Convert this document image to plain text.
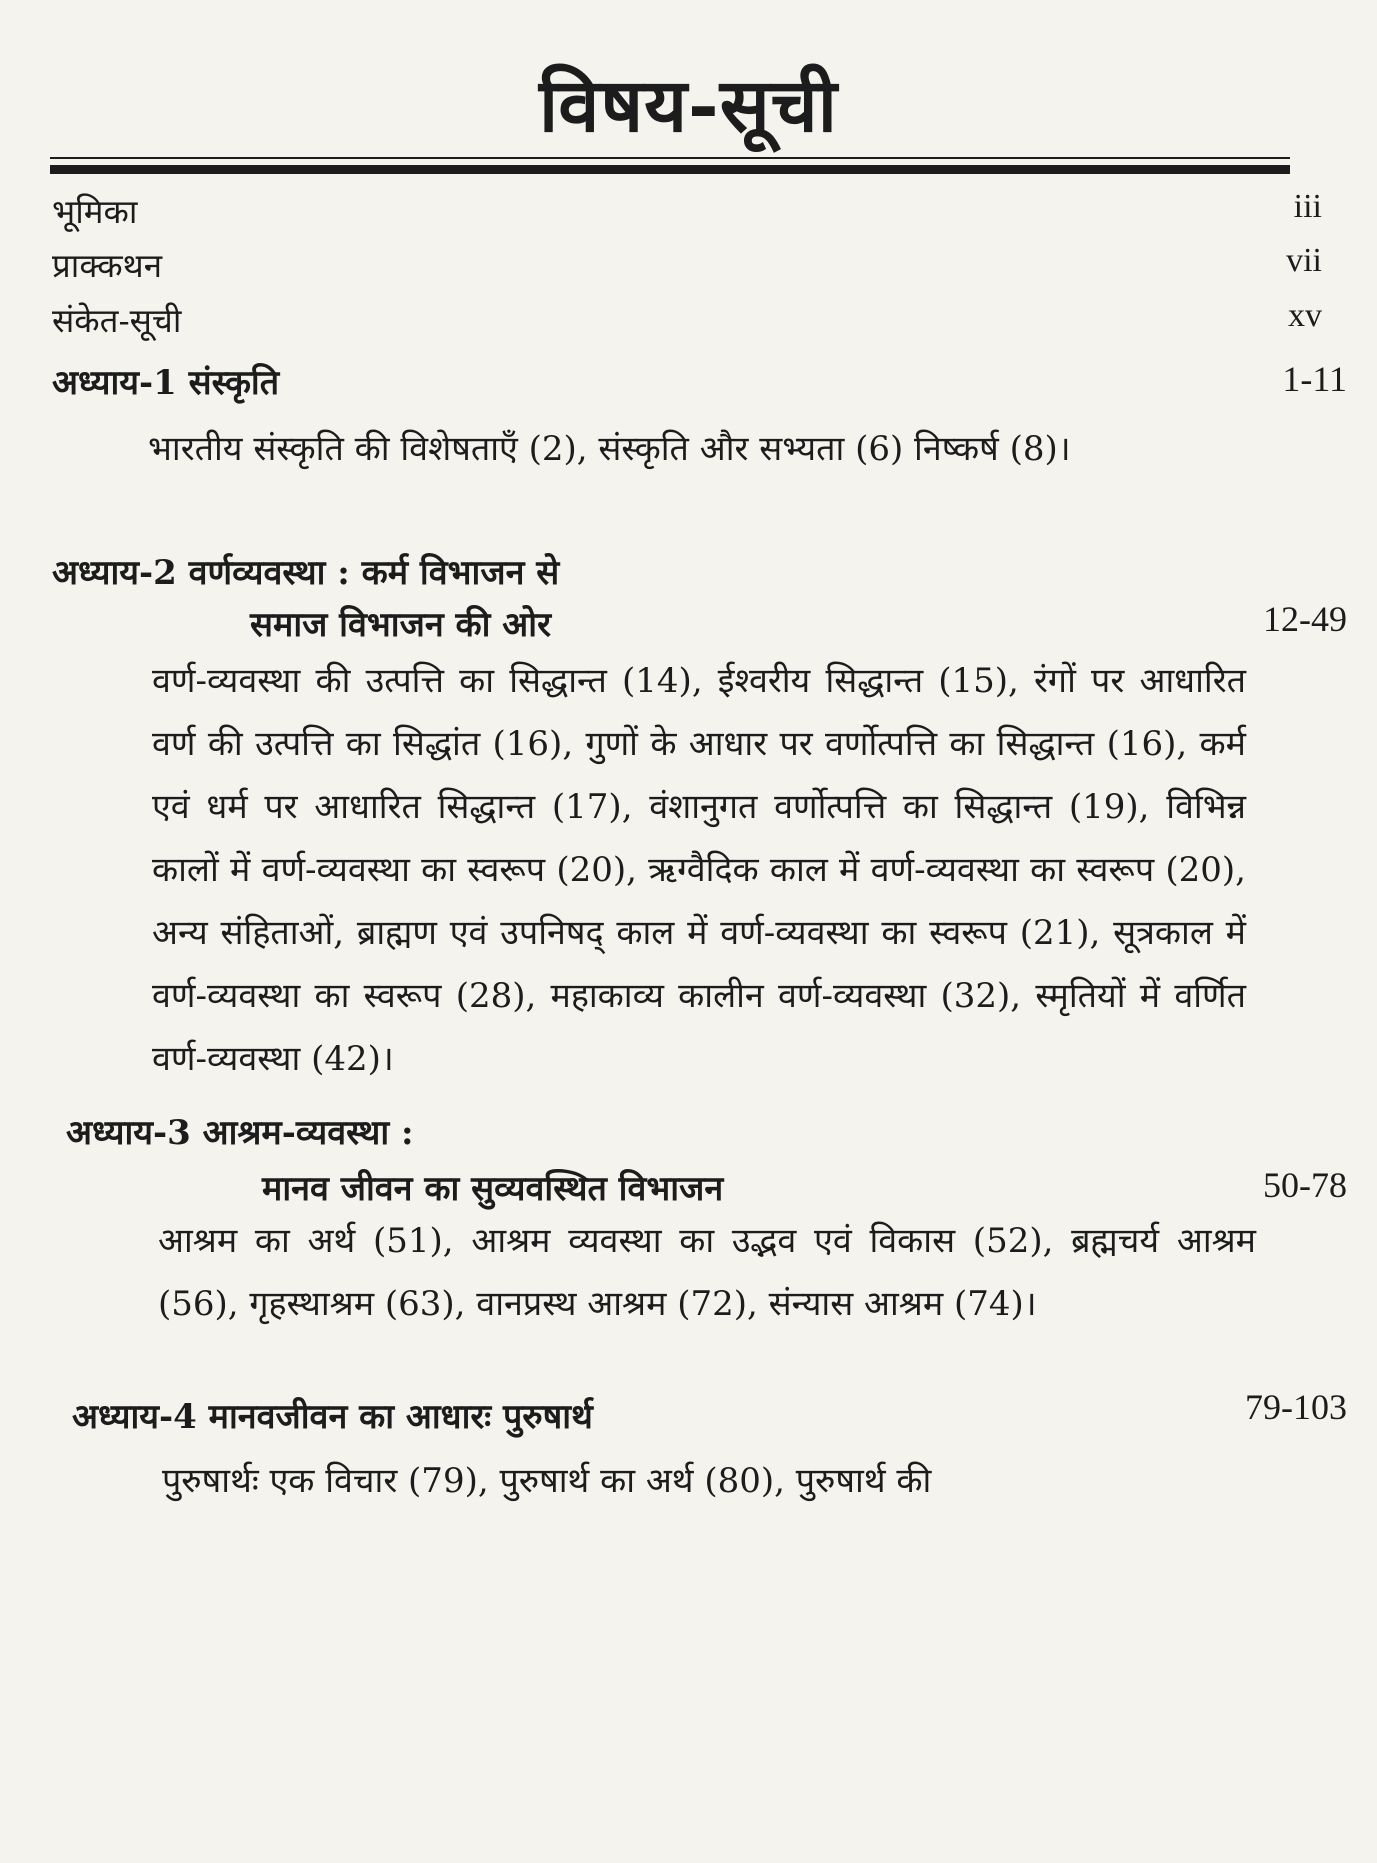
विषय-सूची
भूमिका	iii
प्राक्कथन	vii
संकेत-सूची	xv
अध्याय-1 संस्कृति	1-11
भारतीय संस्कृति की विशेषताएँ (2), संस्कृति और सभ्यता (6) निष्कर्ष (8)।
अध्याय-2 वर्णव्यवस्था : कर्म विभाजन से
समाज विभाजन की ओर	12-49
वर्ण-व्यवस्था की उत्पत्ति का सिद्धान्त (14), ईश्वरीय सिद्धान्त (15), रंगों पर आधारित वर्ण की उत्पत्ति का सिद्धांत (16), गुणों के आधार पर वर्णोत्पत्ति का सिद्धान्त (16), कर्म एवं धर्म पर आधारित सिद्धान्त (17), वंशानुगत वर्णोत्पत्ति का सिद्धान्त (19), विभिन्न कालों में वर्ण-व्यवस्था का स्वरूप (20), ऋग्वैदिक काल में वर्ण-व्यवस्था का स्वरूप (20), अन्य संहिताओं, ब्राह्मण एवं उपनिषद् काल में वर्ण-व्यवस्था का स्वरूप (21), सूत्रकाल में वर्ण-व्यवस्था का स्वरूप (28), महाकाव्य कालीन वर्ण-व्यवस्था (32), स्मृतियों में वर्णित वर्ण-व्यवस्था (42)।
अध्याय-3 आश्रम-व्यवस्था :
मानव जीवन का सुव्यवस्थित विभाजन	50-78
आश्रम का अर्थ (51), आश्रम व्यवस्था का उद्भव एवं विकास (52), ब्रह्मचर्य आश्रम (56), गृहस्थाश्रम (63), वानप्रस्थ आश्रम (72), संन्यास आश्रम (74)।
अध्याय-4 मानवजीवन का आधारः पुरुषार्थ	79-103
पुरुषार्थः एक विचार (79), पुरुषार्थ का अर्थ (80), पुरुषार्थ की
